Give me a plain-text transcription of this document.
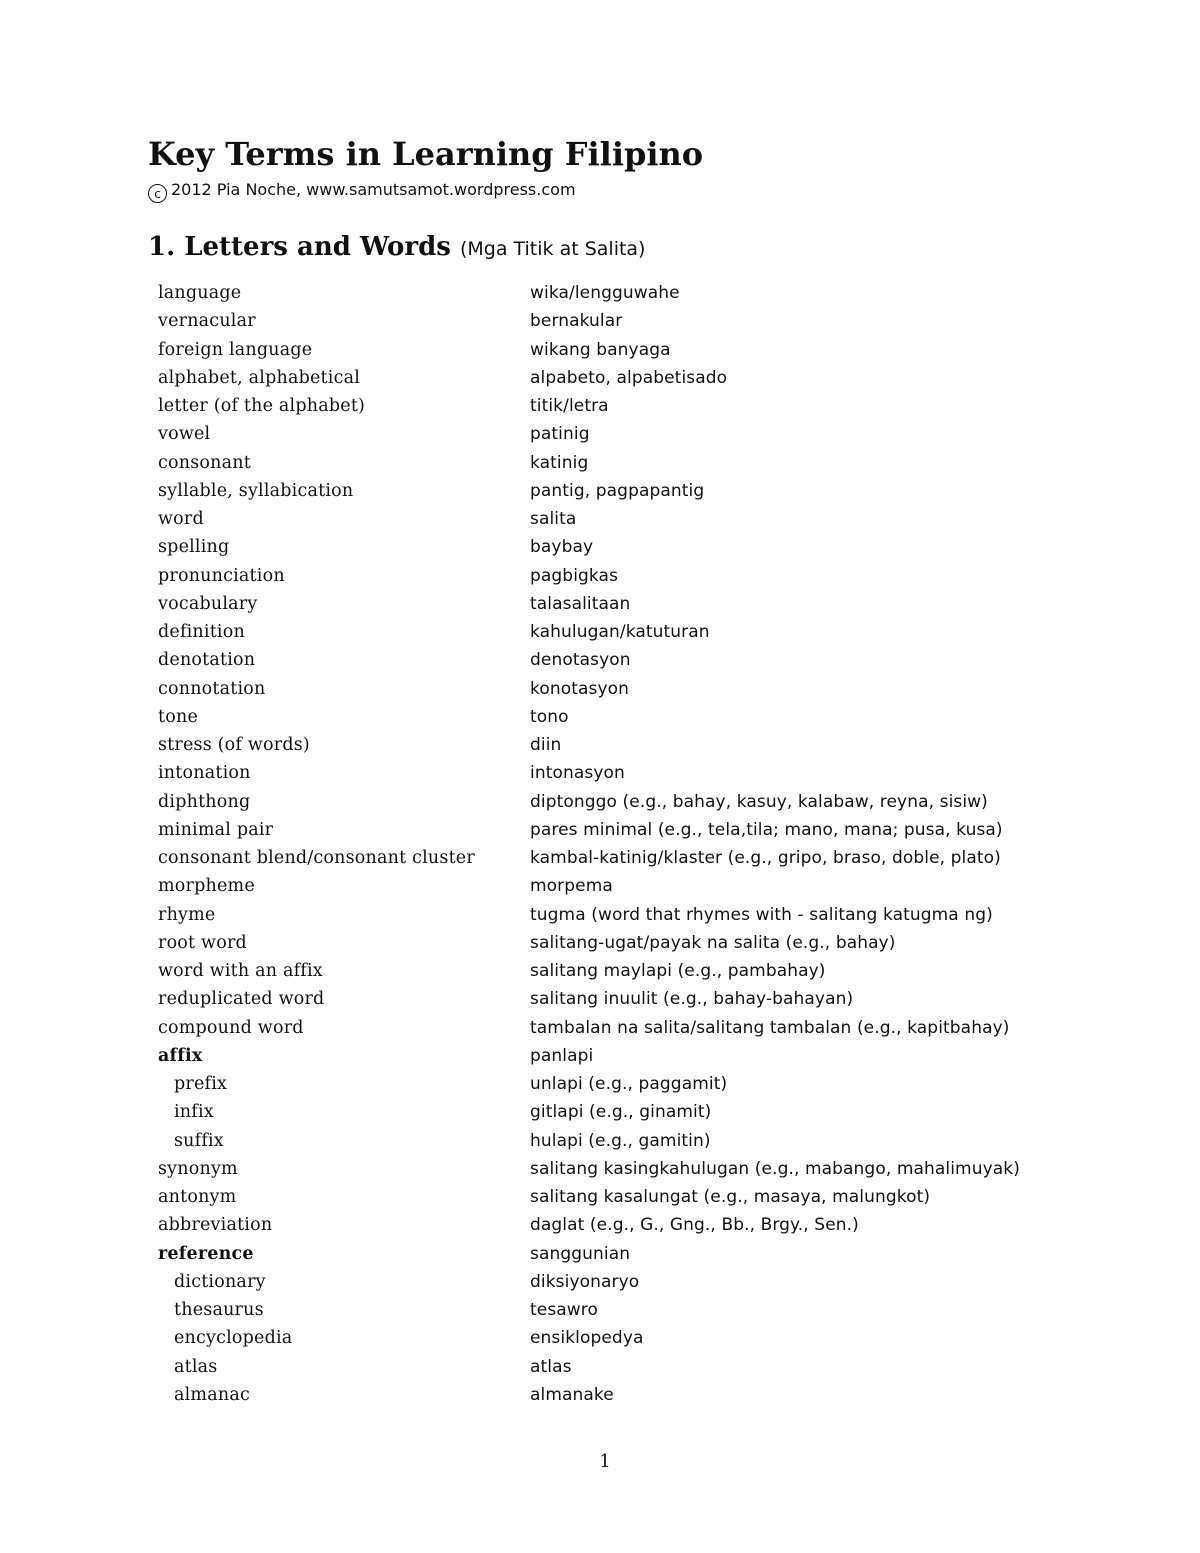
Key Terms in Learning Filipino
c 2012 Pia Noche, www.samutsamot.wordpress.com
1. Letters and Words (Mga Titik at Salita)
language	wika/lengguwahe
vernacular	bernakular
foreign language	wikang banyaga
alphabet, alphabetical	alpabeto, alpabetisado
letter (of the alphabet)	titik/letra
vowel	patinig
consonant	katinig
syllable, syllabication	pantig, pagpapantig
word	salita
spelling	baybay
pronunciation	pagbigkas
vocabulary	talasalitaan
definition	kahulugan/katuturan
denotation	denotasyon
connotation	konotasyon
tone	tono
stress (of words)	diin
intonation	intonasyon
diphthong	diptonggo (e.g., bahay, kasuy, kalabaw, reyna, sisiw)
minimal pair	pares minimal (e.g., tela,tila; mano, mana; pusa, kusa)
consonant blend/consonant cluster	kambal-katinig/klaster (e.g., gripo, braso, doble, plato)
morpheme	morpema
rhyme	tugma (word that rhymes with - salitang katugma ng)
root word	salitang-ugat/payak na salita (e.g., bahay)
word with an affix	salitang maylapi (e.g., pambahay)
reduplicated word	salitang inuulit (e.g., bahay-bahayan)
compound word	tambalan na salita/salitang tambalan (e.g., kapitbahay)
affix	panlapi
prefix	unlapi (e.g., paggamit)
infix	gitlapi (e.g., ginamit)
suffix	hulapi (e.g., gamitin)
synonym	salitang kasingkahulugan (e.g., mabango, mahalimuyak)
antonym	salitang kasalungat (e.g., masaya, malungkot)
abbreviation	daglat (e.g., G., Gng., Bb., Brgy., Sen.)
reference	sanggunian
dictionary	diksiyonaryo
thesaurus	tesawro
encyclopedia	ensiklopedya
atlas	atlas
almanac	almanake
1
